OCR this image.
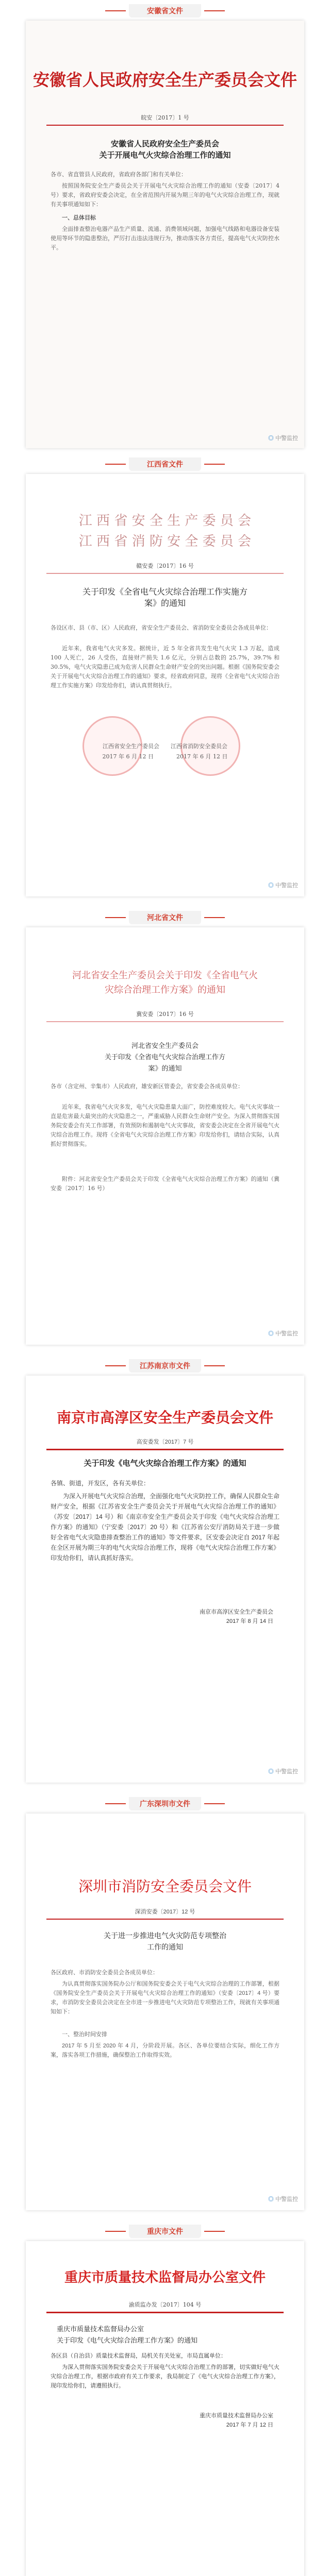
安徽省文件
安徽省人民政府安全生产委员会文件
皖安〔2017〕1 号
安徽省人民政府安全生产委员会
关于开展电气火灾综合治理工作的通知
各市、省直管县人民政府，省政府各部门和有关单位：
按照国务院安全生产委员会关于开展电气火灾综合治理工作的通知（安委〔2017〕4 号）要求，省政府安委会决定，在全省范围内开展为期三年的电气火灾综合治理工作，现就有关事项通知如下：
一、总体目标
全面排查整治电器产品生产质量、流通、消费领域问题，加强电气线路和电器设备安装使用等环节的隐患整治，严厉打击违法违规行为，推动落实各方责任，提高电气火灾防控水平。
◎ 中警监控
江西省文件
江 西 省 安 全 生 产 委 员 会
江 西 省 消 防 安 全 委 员 会
赣安委〔2017〕16 号
关于印发《全省电气火灾综合治理工作实施方案》的通知
各设区市、县（市、区）人民政府，省安全生产委员会、省消防安全委员会各成员单位：
近年来，我省电气火灾多发。据统计，近 5 年全省共发生电气火灾 1.3 万起，造成 100 人死亡，26 人受伤，直接财产损失 1.6 亿元，分别占总数的 25.7%，39.7% 和 30.5%，电气火灾隐患已成为危害人民群众生命财产安全的突出问题。根据《国务院安委会关于开展电气火灾综合治理工作的通知》要求，经省政府同意，现将《全省电气火灾综合治理工作实施方案》印发给你们，请认真贯彻执行。
江西省安全生产委员会　　江西省消防安全委员会
2017 年 6 月 12 日　　　　2017 年 6 月 12 日
◎ 中警监控
河北省文件
河北省安全生产委员会关于印发《全省电气火灾综合治理工作方案》的通知
冀安委〔2017〕16 号
河北省安全生产委员会
关于印发《全省电气火灾综合治理工作方案》的通知
各市（含定州、辛集市）人民政府，雄安新区管委会，省安委会各成员单位：
近年来，我省电气火灾多发，电气火灾隐患量大面广，防控难度较大。电气火灾事故一直是危害最大最突出的火灾隐患之一，严重威胁人民群众生命财产安全。为深入贯彻落实国务院安委会有关工作部署，有效预防和遏制电气火灾事故，省安委会决定在全省开展电气火灾综合治理工作。现将《全省电气火灾综合治理工作方案》印发给你们，请结合实际，认真抓好贯彻落实。
附件：河北省安全生产委员会关于印发《全省电气火灾综合治理工作方案》的通知（冀安委〔2017〕16 号）
◎ 中警监控
江苏南京市文件
南京市高淳区安全生产委员会文件
高安委发〔2017〕7 号
关于印发《电气火灾综合治理工作方案》的通知
各镇、街道，开发区，各有关单位：
为深入开展电气火灾综合治理，全面强化电气火灾防控工作，确保人民群众生命财产安全，根据《江苏省安全生产委员会关于开展电气火灾综合治理工作的通知》（苏安〔2017〕14 号）和《南京市安全生产委员会关于印发《电气火灾综合治理工作方案》的通知》（宁安委〔2017〕20 号）和《江苏省公安厅消防局关于进一步做好全省电气火灾隐患排查整治工作的通知》等文件要求，区安委会决定自 2017 年起在全区开展为期三年的电气火灾综合治理工作，现将《电气火灾综合治理工作方案》印发给你们，请认真抓好落实。
南京市高淳区安全生产委员会
2017 年 8 月 14 日
◎ 中警监控
广东深圳市文件
深圳市消防安全委员会文件
深消安委〔2017〕12 号
关于进一步推进电气火灾防范专项整治工作的通知
各区政府、市消防安全委员会各成员单位：
为认真贯彻落实国务院办公厅和国务院安委会关于电气火灾综合治理的工作部署，根据《国务院安全生产委员会关于开展电气火灾综合治理工作的通知》（安委〔2017〕4 号）要求，市消防安全委员会决定在全市进一步推进电气火灾防范专项整治工作，现就有关事项通知如下：
一、整治时间安排
2017 年 5 月至 2020 年 4 月，分阶段开展。各区、各单位要结合实际，细化工作方案，落实各项工作措施，确保整治工作取得实效。
◎ 中警监控
重庆市文件
重庆市质量技术监督局办公室文件
渝质监办发〔2017〕104 号
重庆市质量技术监督局办公室
关于印发《电气火灾综合治理工作方案》的通知
各区县（自治县）质量技术监督局，局机关有关处室，市局直属单位：
为深入贯彻落实国务院安委会关于开展电气火灾综合治理工作的部署，切实做好电气火灾综合治理工作，根据市政府有关工作要求，我局制定了《电气火灾综合治理工作方案》，现印发给你们，请遵照执行。
重庆市质量技术监督局办公室
2017 年 7 月 12 日
